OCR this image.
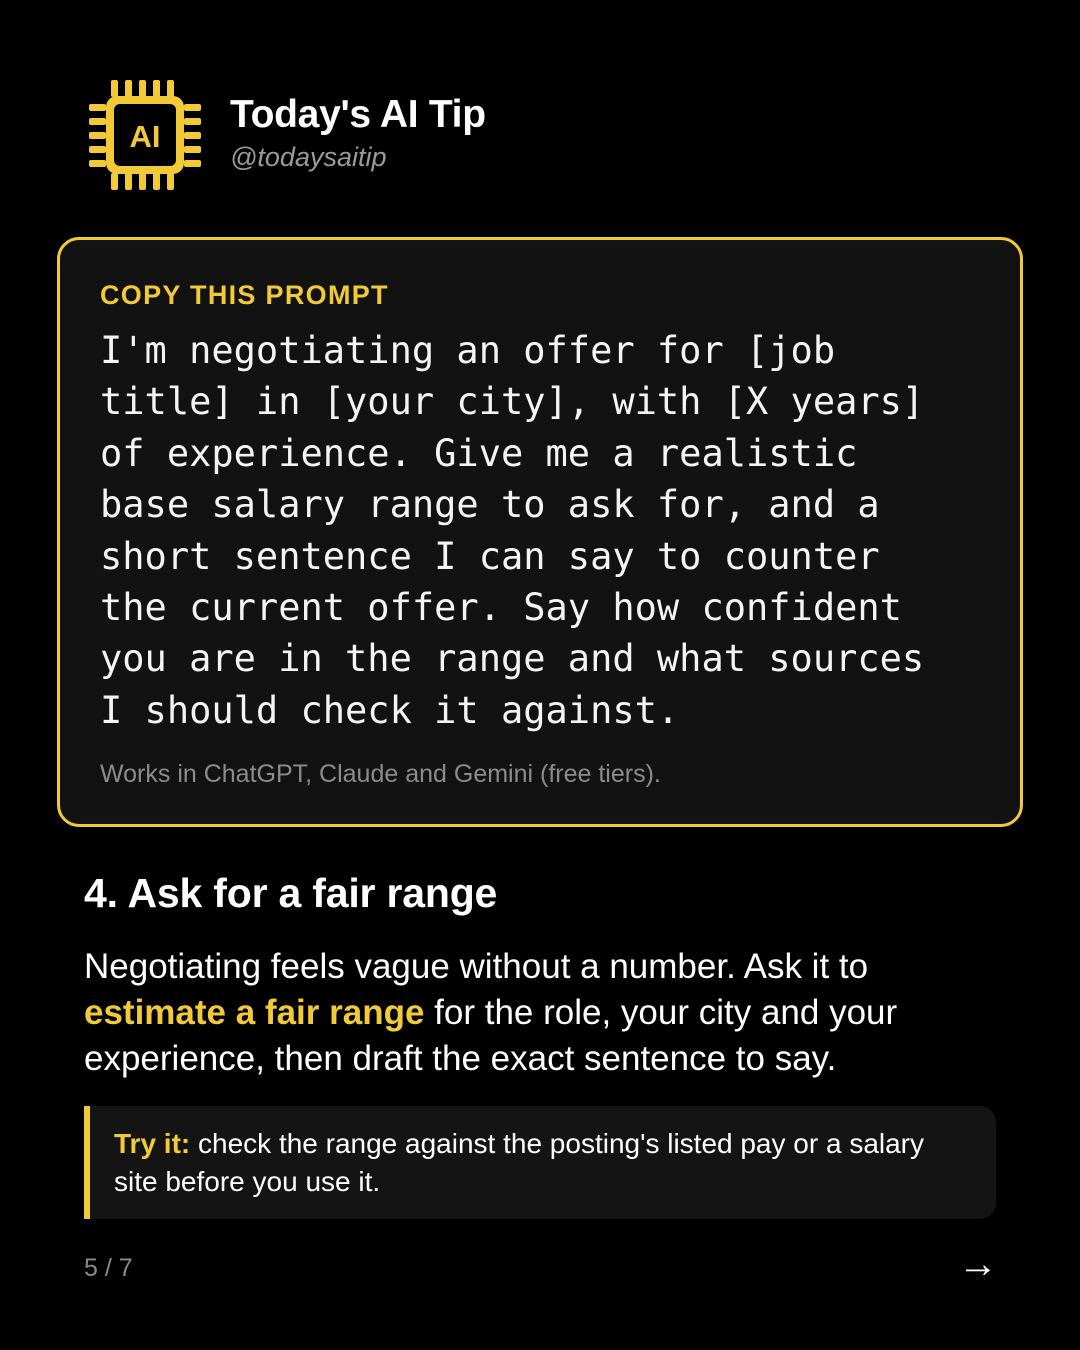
AI
Today's AI Tip
@todaysaitip
COPY THIS PROMPT
I'm negotiating an offer for [job
title] in [your city], with [X years]
of experience. Give me a realistic
base salary range to ask for, and a
short sentence I can say to counter
the current offer. Say how confident
you are in the range and what sources
I should check it against.
Works in ChatGPT, Claude and Gemini (free tiers).
4. Ask for a fair range
Negotiating feels vague without a number. Ask it to estimate a fair range for the role, your city and your experience, then draft the exact sentence to say.
Try it: check the range against the posting's listed pay or a salary site before you use it.
5 / 7	→
